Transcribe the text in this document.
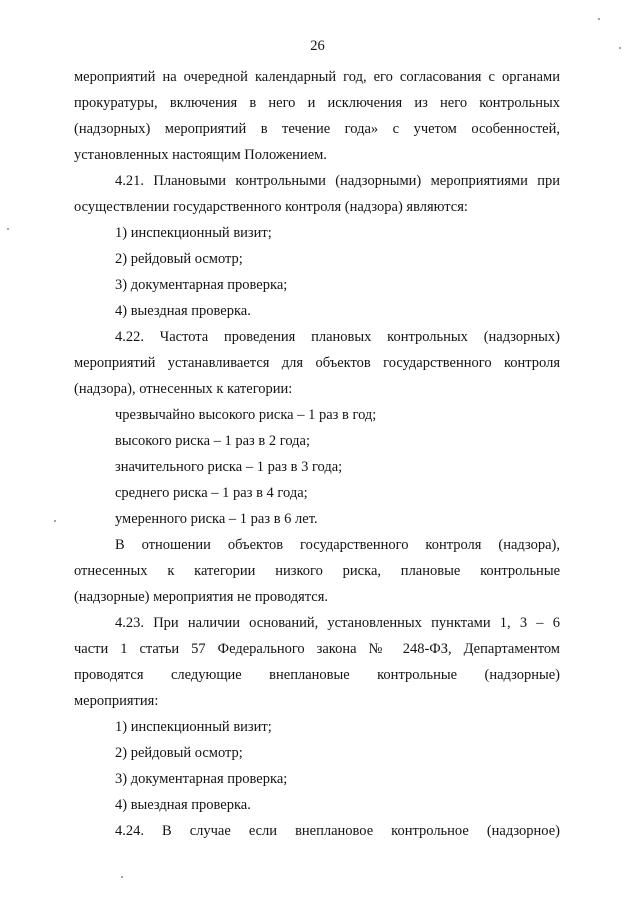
26
мероприятий на очередной календарный год, его согласования с органами
прокуратуры, включения в него и исключения из него контрольных
(надзорных) мероприятий в течение года» с учетом особенностей,
установленных настоящим Положением.
4.21. Плановыми контрольными (надзорными) мероприятиями при
осуществлении государственного контроля (надзора) являются:
1) инспекционный визит;
2) рейдовый осмотр;
3) документарная проверка;
4) выездная проверка.
4.22. Частота проведения плановых контрольных (надзорных)
мероприятий устанавливается для объектов государственного контроля
(надзора), отнесенных к категории:
чрезвычайно высокого риска – 1 раз в год;
высокого риска – 1 раз в 2 года;
значительного риска – 1 раз в 3 года;
среднего риска – 1 раз в 4 года;
умеренного риска – 1 раз в 6 лет.
В отношении объектов государственного контроля (надзора),
отнесенных к категории низкого риска, плановые контрольные
(надзорные) мероприятия не проводятся.
4.23. При наличии оснований, установленных пунктами 1, 3 – 6
части 1 статьи 57 Федерального закона № 248-ФЗ, Департаментом
проводятся следующие внеплановые контрольные (надзорные)
мероприятия:
1) инспекционный визит;
2) рейдовый осмотр;
3) документарная проверка;
4) выездная проверка.
4.24. В случае если внеплановое контрольное (надзорное)
